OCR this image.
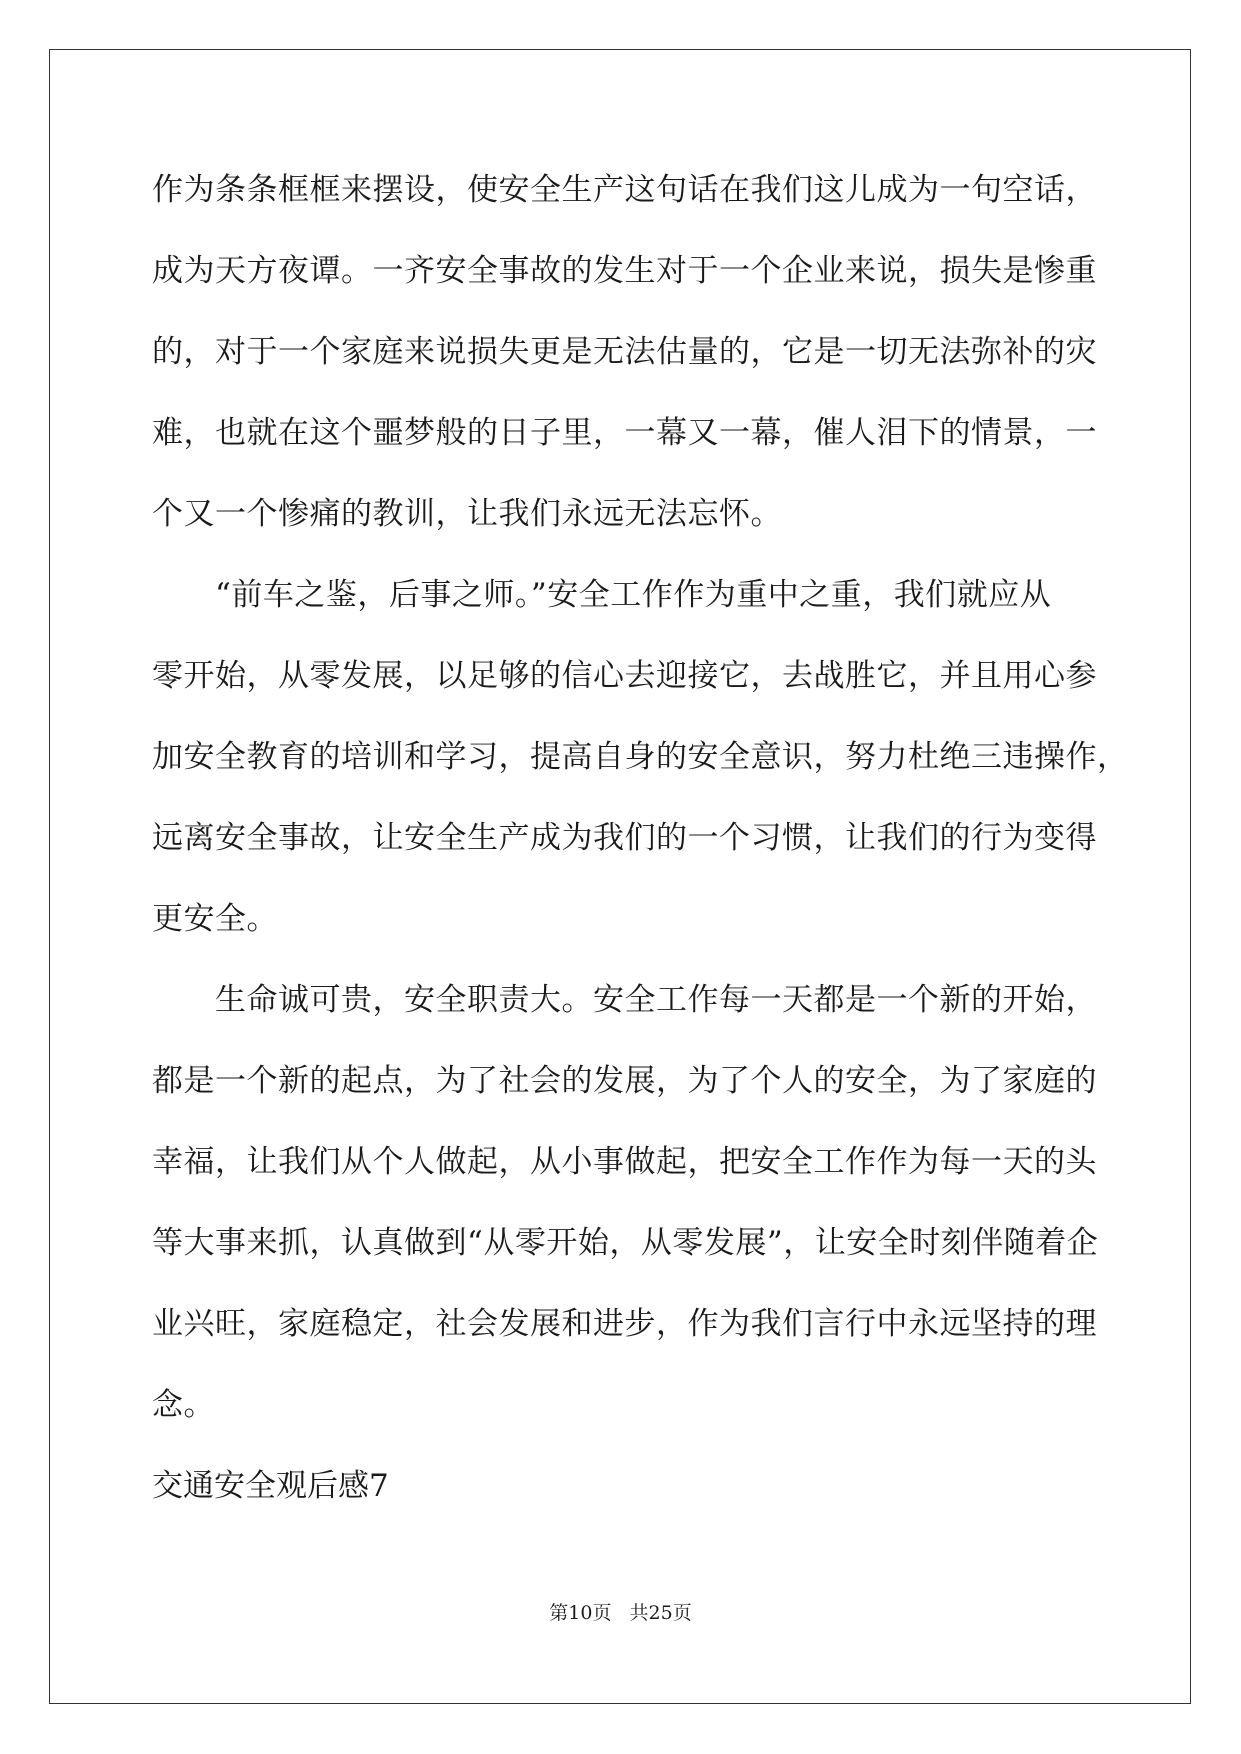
作为条条框框来摆设，使安全生产这句话在我们这儿成为一句空话，
成为天方夜谭。一齐安全事故的发生对于一个企业来说，损失是惨重
的，对于一个家庭来说损失更是无法估量的，它是一切无法弥补的灾
难，也就在这个噩梦般的日子里，一幕又一幕，催人泪下的情景，一
个又一个惨痛的教训，让我们永远无法忘怀。
“前车之鉴，后事之师。”安全工作作为重中之重，我们就应从
零开始，从零发展，以足够的信心去迎接它，去战胜它，并且用心参
加安全教育的培训和学习，提高自身的安全意识，努力杜绝三违操作，
远离安全事故，让安全生产成为我们的一个习惯，让我们的行为变得
更安全。
生命诚可贵，安全职责大。安全工作每一天都是一个新的开始，
都是一个新的起点，为了社会的发展，为了个人的安全，为了家庭的
幸福，让我们从个人做起，从小事做起，把安全工作作为每一天的头
等大事来抓，认真做到“从零开始，从零发展”，让安全时刻伴随着企
业兴旺，家庭稳定，社会发展和进步，作为我们言行中永远坚持的理
念。
交通安全观后感7
第10页 共25页
